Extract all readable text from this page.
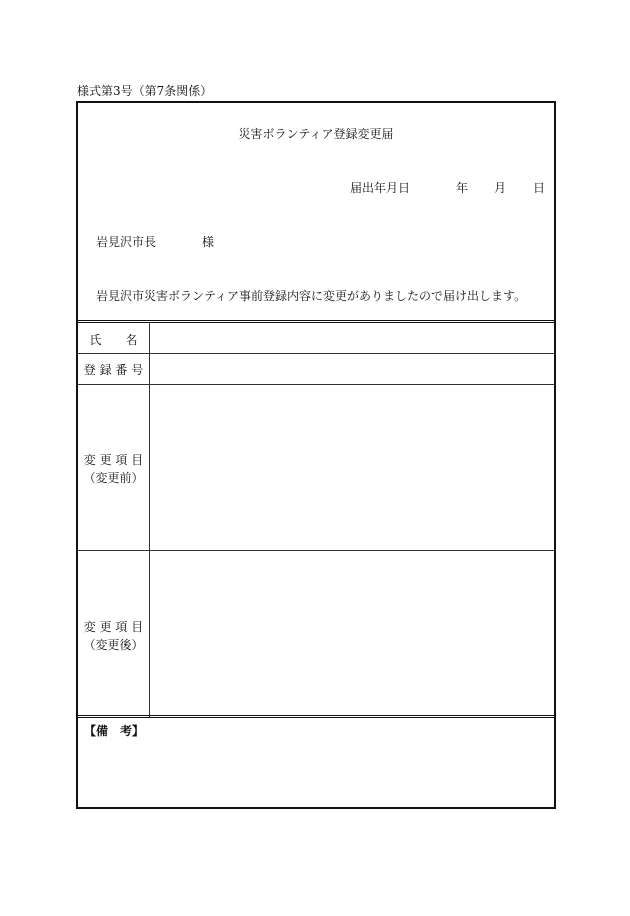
様式第3号（第7条関係）
災害ボランティア登録変更届
届出年月日	年 月 日
岩見沢市長	様
岩見沢市災害ボランティア事前登録内容に変更がありましたので届け出します。
氏　　名
登 録 番 号
変 更 項 目
（変更前）
変 更 項 目
（変更後）
【備　考】
